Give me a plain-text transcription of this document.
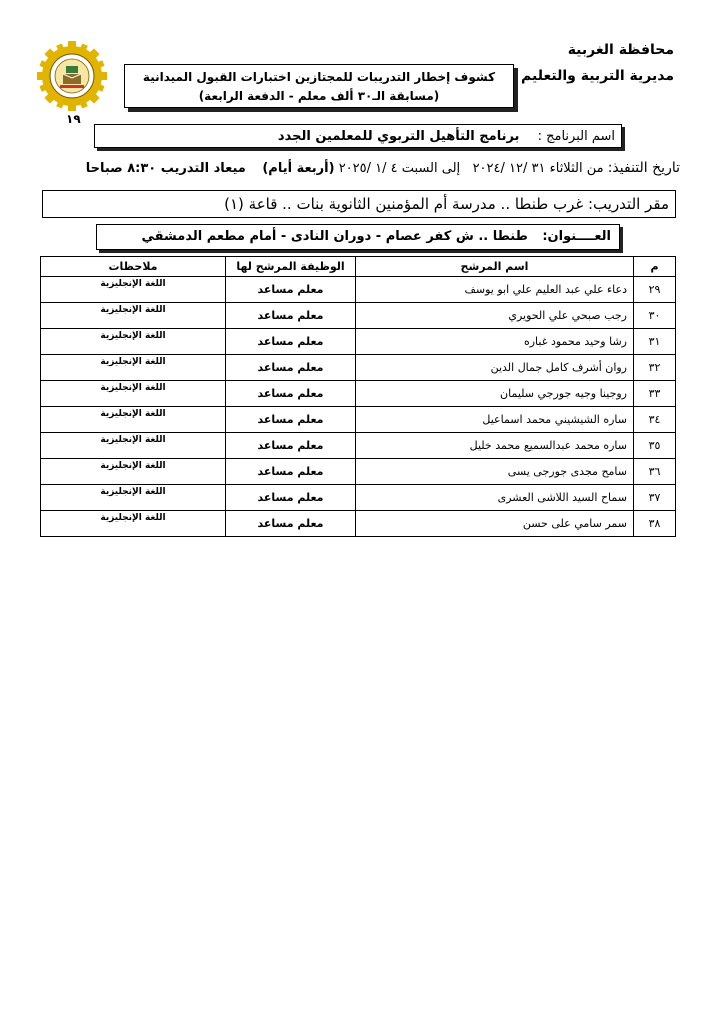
محافظة الغربية
مديرية التربية والتعليم
كشوف إخطار التدريبات للمجتازين اختبارات القبول الميدانية
(مسابقة الـ٣٠ ألف معلم - الدفعة الرابعة)
١٩
اسم البرنامج : برنامج التأهيل التربوي للمعلمين الجدد
تاريخ التنفيذ: من الثلاثاء ٣١ /١٢ /٢٠٢٤   إلى السبت ٤ /١ /٢٠٢٥ (أربعة أيام)    ميعاد التدريب ٨:٣٠ صباحا
مقر التدريب: غرب طنطا .. مدرسة أم المؤمنين الثانوية بنات .. قاعة (١)
العــــنوان: طنطا .. ش كفر عصام - دوران النادى - أمام مطعم الدمشقي
م	اسم المرشح	الوظيفة المرشح لها	ملاحظات
٢٩	دعاء علي عبد العليم علي ابو يوسف	معلم مساعد	اللغة الإنجليزية
٣٠	رجب صبحي علي الحويري	معلم مساعد	اللغة الإنجليزية
٣١	رشا وحيد محمود غباره	معلم مساعد	اللغة الإنجليزية
٣٢	روان أشرف كامل جمال الدين	معلم مساعد	اللغة الإنجليزية
٣٣	روجينا وجيه جورجي سليمان	معلم مساعد	اللغة الإنجليزية
٣٤	ساره الشيشيني محمد اسماعيل	معلم مساعد	اللغة الإنجليزية
٣٥	ساره محمد عبدالسميع محمد خليل	معلم مساعد	اللغة الإنجليزية
٣٦	سامح مجدى جورجى يسى	معلم مساعد	اللغة الإنجليزية
٣٧	سماح السيد اللاشى العشرى	معلم مساعد	اللغة الإنجليزية
٣٨	سمر سامي على حسن	معلم مساعد	اللغة الإنجليزية
